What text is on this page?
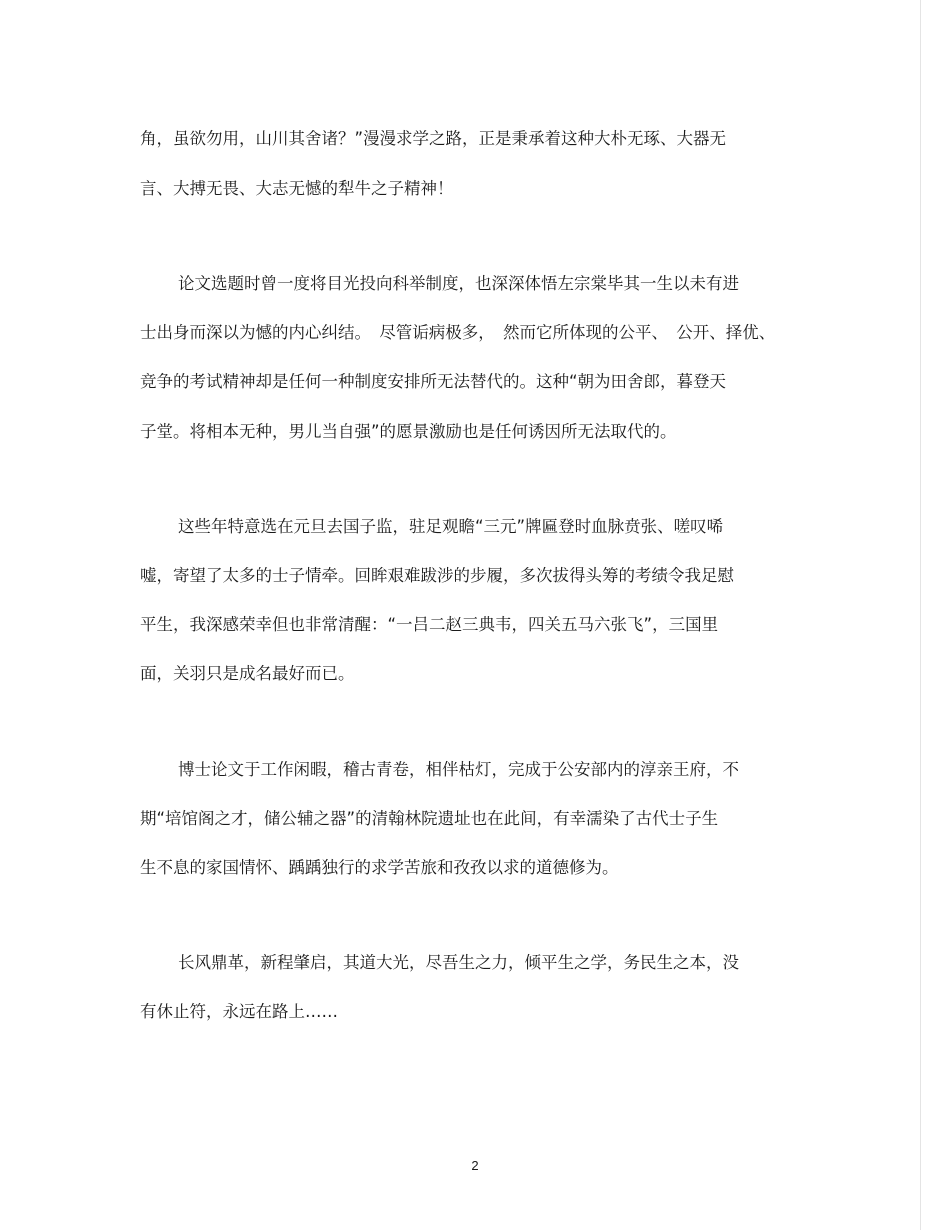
角，虽欲勿用，山川其舍诸？”漫漫求学之路，正是秉承着这种大朴无琢、大器无
言、大搏无畏、大志无憾的犁牛之子精神！
论文选题时曾一度将目光投向科举制度，也深深体悟左宗棠毕其一生以未有进
士出身而深以为憾的内心纠结。　尽管诟病极多，　然而它所体现的公平、　公开、择优、
竞争的考试精神却是任何一种制度安排所无法替代的。这种“朝为田舍郎，暮登天
子堂。将相本无种，男儿当自强”的愿景激励也是任何诱因所无法取代的。
这些年特意选在元旦去国子监，驻足观瞻“三元”牌匾登时血脉贲张、嗟叹唏
嘘，寄望了太多的士子情牵。回眸艰难跋涉的步履，多次拔得头筹的考绩令我足慰
平生，我深感荣幸但也非常清醒：“一吕二赵三典韦，四关五马六张飞”，三国里
面，关羽只是成名最好而已。
博士论文于工作闲暇，稽古青卷，相伴枯灯，完成于公安部内的淳亲王府，不
期“培馆阁之才，储公辅之器”的清翰林院遗址也在此间，有幸濡染了古代士子生
生不息的家国情怀、踽踽独行的求学苦旅和孜孜以求的道德修为。
长风鼎革，新程肇启，其道大光，尽吾生之力，倾平生之学，务民生之本，没
有休止符，永远在路上……
2
